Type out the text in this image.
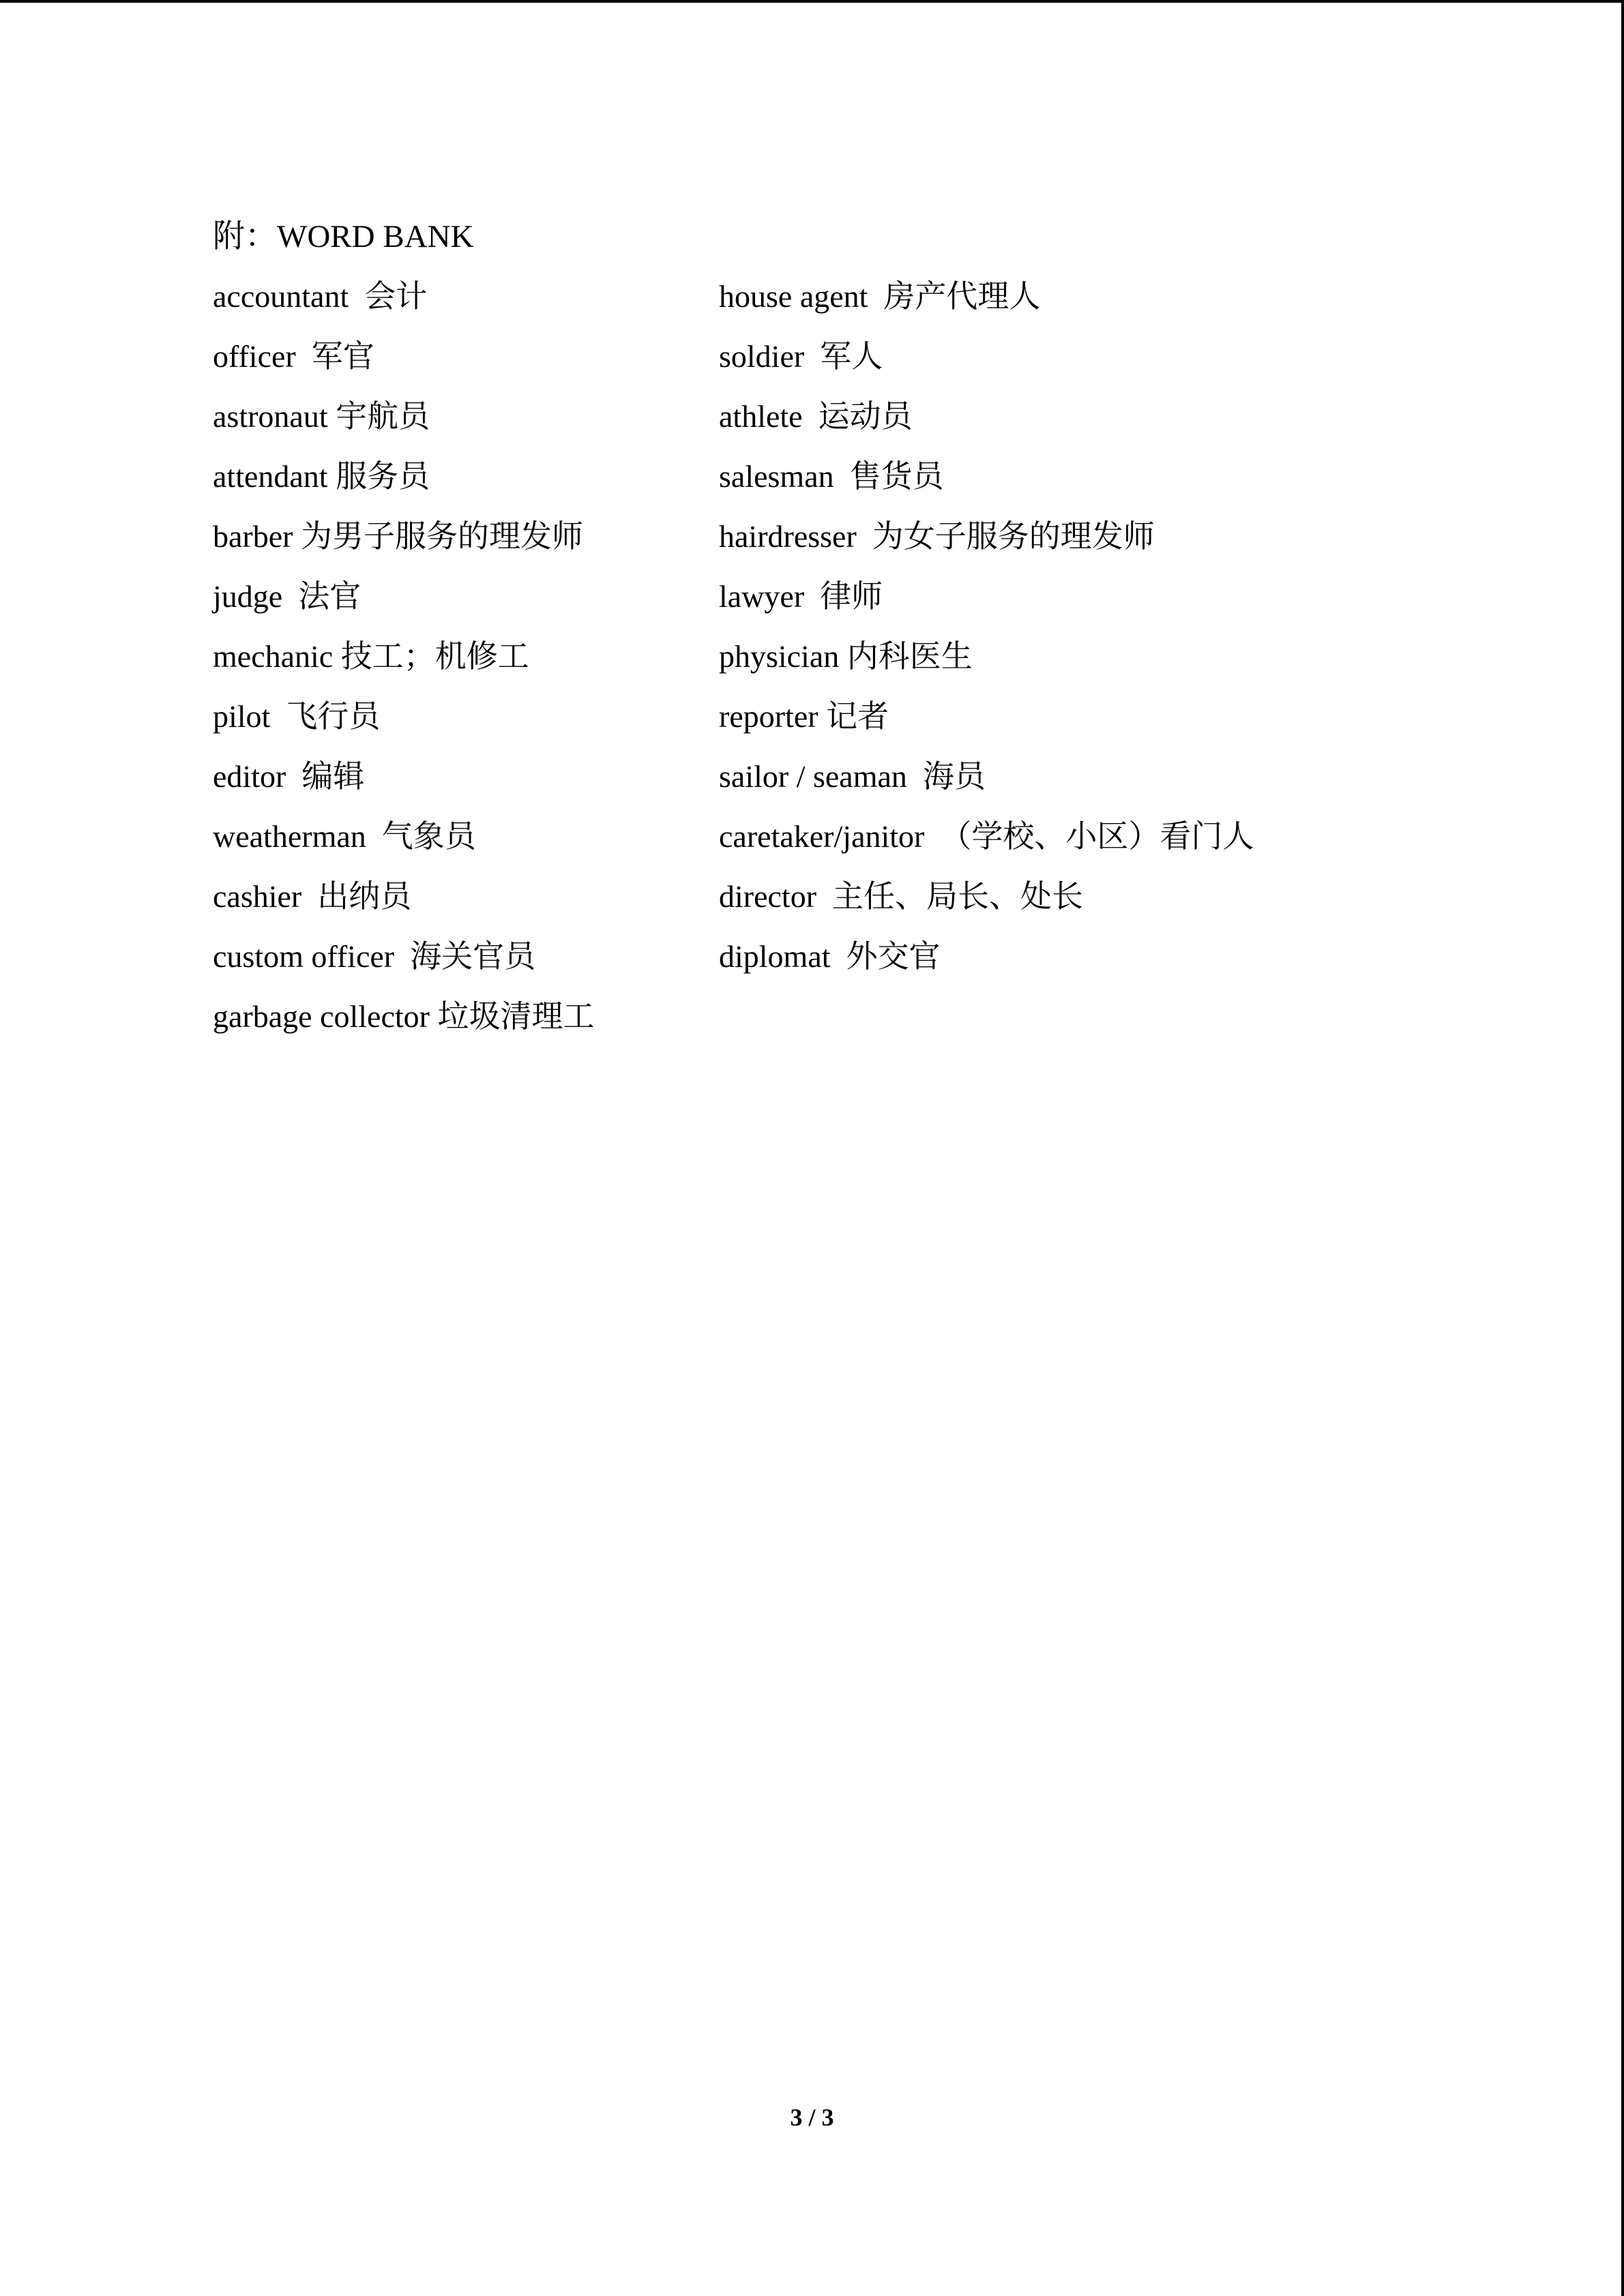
附：WORD BANK
accountant  会计	house agent  房产代理人
officer  军官	soldier  军人
astronaut 宇航员	athlete  运动员
attendant 服务员	salesman  售货员
barber 为男子服务的理发师	hairdresser  为女子服务的理发师
judge  法官	lawyer  律师
mechanic 技工；机修工	physician 内科医生
pilot  飞行员	reporter 记者
editor  编辑	sailor / seaman  海员
weatherman  气象员	caretaker/janitor  （学校、小区）看门人
cashier  出纳员	director  主任、局长、处长
custom officer  海关官员	diplomat  外交官
garbage collector 垃圾清理工
3 / 3
